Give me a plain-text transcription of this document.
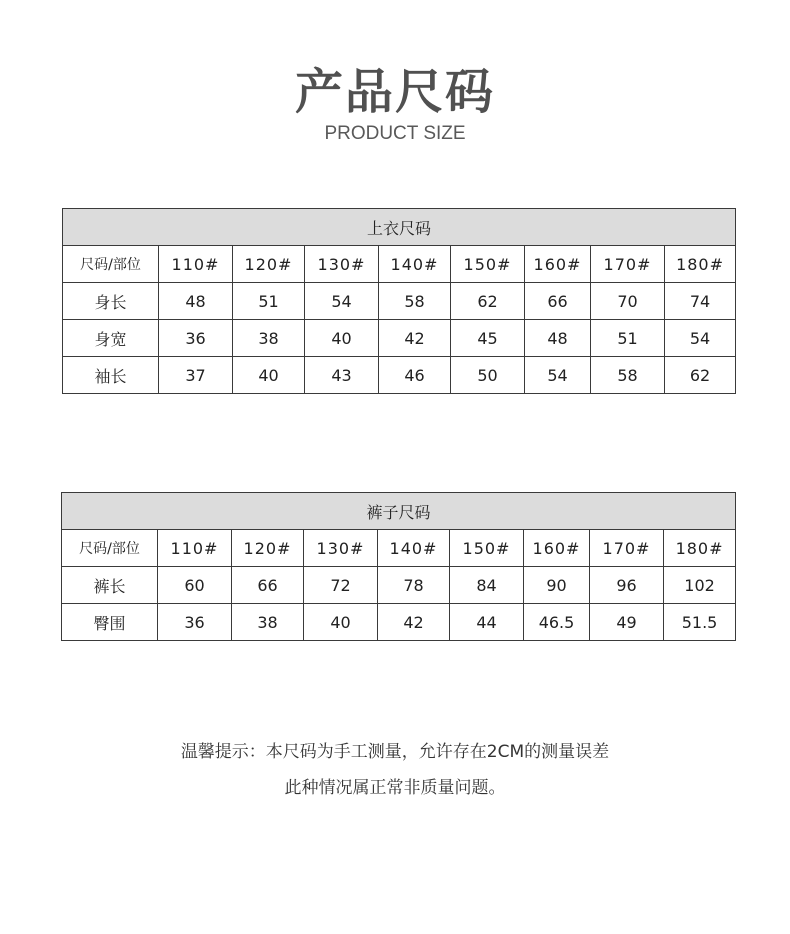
产品尺码
PRODUCT SIZE
上衣尺码								
尺码/部位	110#	120#	130#	140#	150#	160#	170#	180#
身长	48	51	54	58	62	66	70	74
身宽	36	38	40	42	45	48	51	54
袖长	37	40	43	46	50	54	58	62
裤子尺码								
尺码/部位	110#	120#	130#	140#	150#	160#	170#	180#
裤长	60	66	72	78	84	90	96	102
臀围	36	38	40	42	44	46.5	49	51.5
温馨提示：本尺码为手工测量，允许存在2CM的测量误差
此种情况属正常非质量问题。
